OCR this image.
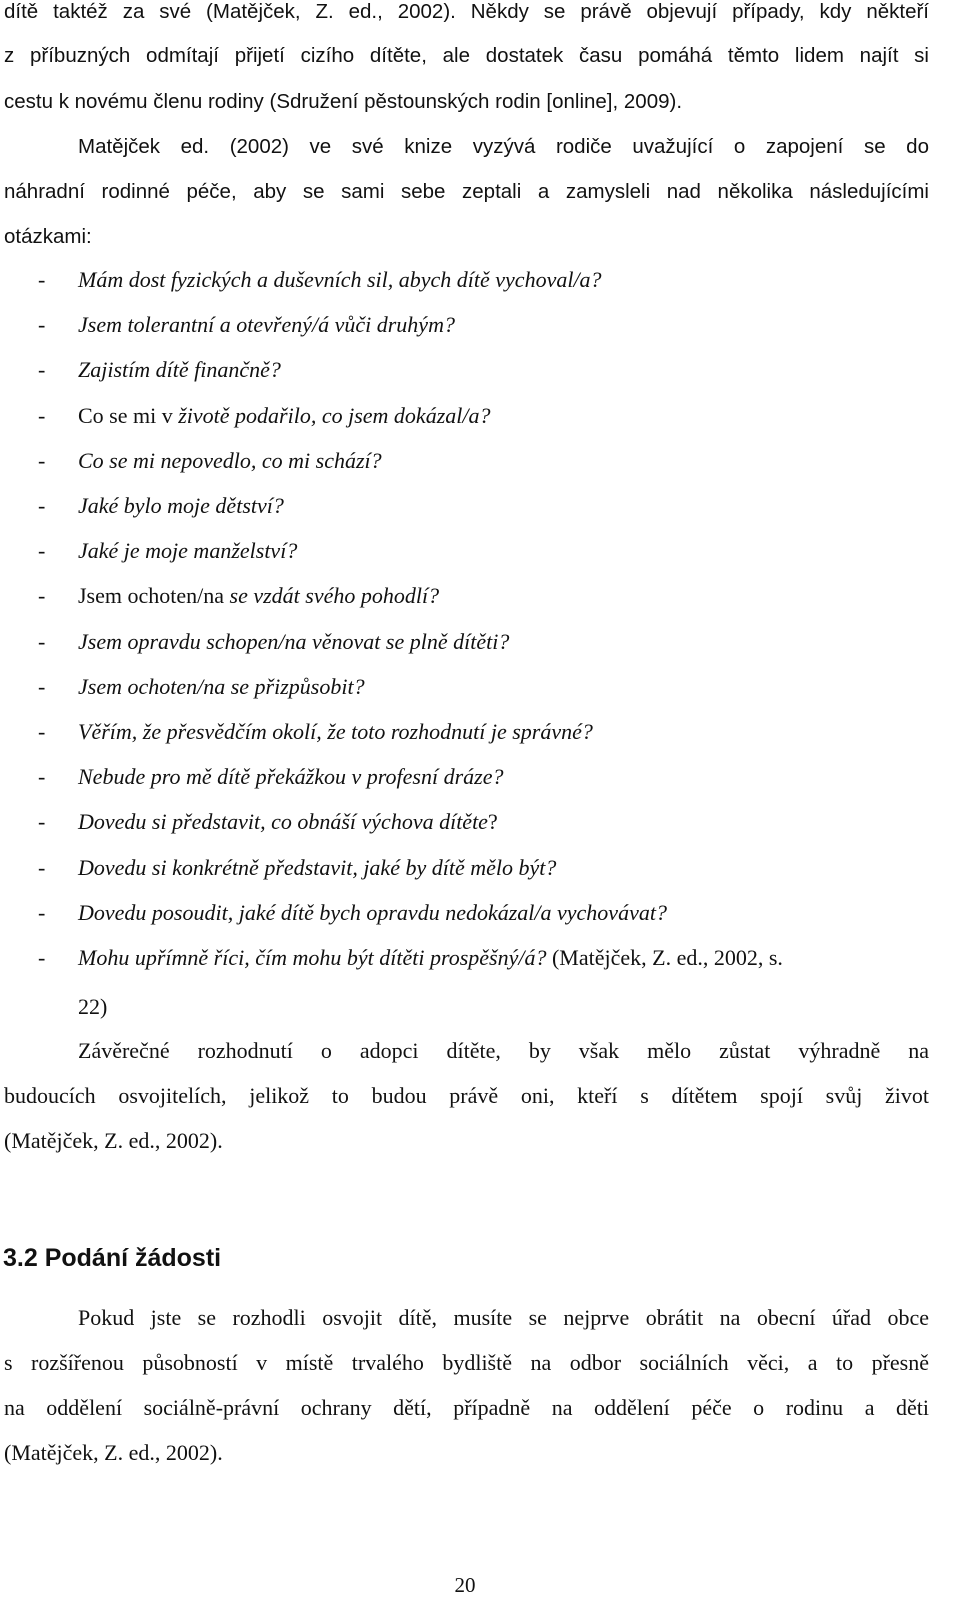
dítě taktéž za své (Matějček, Z. ed., 2002). Někdy se právě objevují případy, kdy někteří
z příbuzných odmítají přijetí cizího dítěte, ale dostatek času pomáhá těmto lidem najít si
cestu k novému členu rodiny (Sdružení pěstounských rodin [online], 2009).
Matějček ed. (2002) ve své knize vyzývá rodiče uvažující o zapojení se do
náhradní rodinné péče, aby se sami sebe zeptali a zamysleli nad několika následujícími
otázkami:
- Mám dost fyzických a duševních sil, abych dítě vychoval/a?
- Jsem tolerantní a otevřený/á vůči druhým?
- Zajistím dítě finančně?
- Co se mi v životě podařilo, co jsem dokázal/a?
- Co se mi nepovedlo, co mi schází?
- Jaké bylo moje dětství?
- Jaké je moje manželství?
- Jsem ochoten/na se vzdát svého pohodlí?
- Jsem opravdu schopen/na věnovat se plně dítěti?
- Jsem ochoten/na se přizpůsobit?
- Věřím, že přesvědčím okolí, že toto rozhodnutí je správné?
- Nebude pro mě dítě překážkou v profesní dráze?
- Dovedu si představit, co obnáší výchova dítěte?
- Dovedu si konkrétně představit, jaké by dítě mělo být?
- Dovedu posoudit, jaké dítě bych opravdu nedokázal/a vychovávat?
- Mohu upřímně říci, čím mohu být dítěti prospěšný/á? (Matějček, Z. ed., 2002, s.
22)
Závěrečné rozhodnutí o adopci dítěte, by však mělo zůstat výhradně na
budoucích osvojitelích, jelikož to budou právě oni, kteří s dítětem spojí svůj život
(Matějček, Z. ed., 2002).
3.2 Podání žádosti
Pokud jste se rozhodli osvojit dítě, musíte se nejprve obrátit na obecní úřad obce
s rozšířenou působností v místě trvalého bydliště na odbor sociálních věci, a to přesně
na oddělení sociálně-právní ochrany dětí, případně na oddělení péče o rodinu a děti
(Matějček, Z. ed., 2002).
20
